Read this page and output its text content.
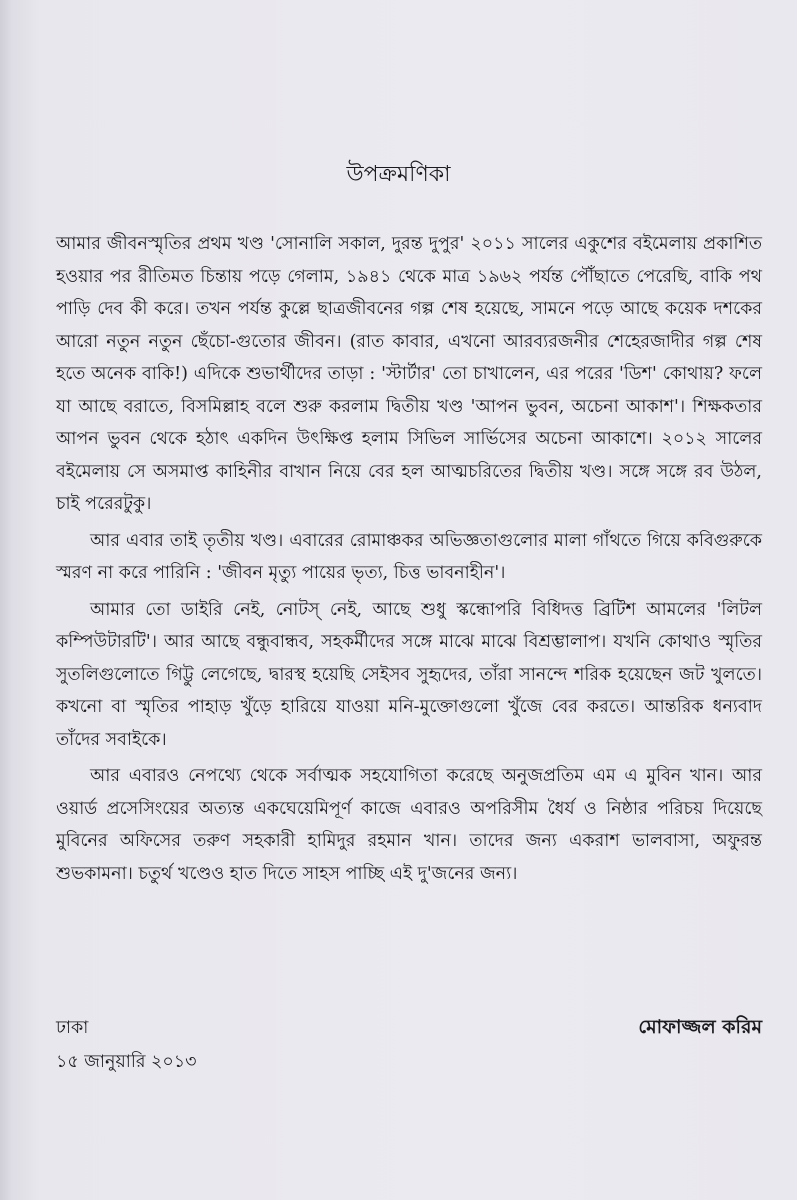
উপক্রমণিকা

আমার জীবনস্মৃতির প্রথম খণ্ড 'সোনালি সকাল, দুরন্ত দুপুর' ২০১১ সালের একুশের বইমেলায় প্রকাশিত হওয়ার পর রীতিমত চিন্তায় পড়ে গেলাম, ১৯৪১ থেকে মাত্র ১৯৬২ পর্যন্ত পৌঁছাতে পেরেছি, বাকি পথ পাড়ি দেব কী করে। তখন পর্যন্ত কুল্লে ছাত্রজীবনের গল্প শেষ হয়েছে, সামনে পড়ে আছে কয়েক দশকের আরো নতুন নতুন ছেঁচো-গুতোর জীবন। (রাত কাবার, এখনো আরব্যরজনীর শেহেরজাদীর গল্প শেষ হতে অনেক বাকি!) এদিকে শুভার্থীদের তাড়া : 'স্টার্টার' তো চাখালেন, এর পরের 'ডিশ' কোথায়? ফলে যা আছে বরাতে, বিসমিল্লাহ বলে শুরু করলাম দ্বিতীয় খণ্ড 'আপন ভুবন, অচেনা আকাশ'। শিক্ষকতার আপন ভুবন থেকে হঠাৎ একদিন উৎক্ষিপ্ত হলাম সিভিল সার্ভিসের অচেনা আকাশে। ২০১২ সালের বইমেলায় সে অসমাপ্ত কাহিনীর বাখান নিয়ে বের হল আত্মচরিতের দ্বিতীয় খণ্ড। সঙ্গে সঙ্গে রব উঠল, চাই পরেরটুকু।

আর এবার তাই তৃতীয় খণ্ড। এবারের রোমাঞ্চকর অভিজ্ঞতাগুলোর মালা গাঁথতে গিয়ে কবিগুরুকে স্মরণ না করে পারিনি : 'জীবন মৃত্যু পায়ের ভৃত্য, চিত্ত ভাবনাহীন'।

আমার তো ডাইরি নেই, নোটস্ নেই, আছে শুধু স্কন্ধোপরি বিধিদত্ত ব্রিটিশ আমলের 'লিটল কম্পিউটারটি'। আর আছে বন্ধুবান্ধব, সহকর্মীদের সঙ্গে মাঝে মাঝে বিশ্রম্ভালাপ। যখনি কোথাও স্মৃতির সুতলিগুলোতে গিট্টু লেগেছে, দ্বারস্থ হয়েছি সেইসব সুহৃদের, তাঁরা সানন্দে শরিক হয়েছেন জট খুলতে। কখনো বা স্মৃতির পাহাড় খুঁড়ে হারিয়ে যাওয়া মনি-মুক্তোগুলো খুঁজে বের করতে। আন্তরিক ধন্যবাদ তাঁদের সবাইকে।

আর এবারও নেপথ্যে থেকে সর্বাত্মক সহযোগিতা করেছে অনুজপ্রতিম এম এ মুবিন খান। আর ওয়ার্ড প্রসেসিংয়ের অত্যন্ত একঘেয়েমিপূর্ণ কাজে এবারও অপরিসীম ধৈর্য ও নিষ্ঠার পরিচয় দিয়েছে মুবিনের অফিসের তরুণ সহকারী হামিদুর রহমান খান। তাদের জন্য একরাশ ভালবাসা, অফুরন্ত শুভকামনা। চতুর্থ খণ্ডেও হাত দিতে সাহস পাচ্ছি এই দু'জনের জন্য।

ঢাকা	মোফাজ্জল করিম
১৫ জানুয়ারি ২০১৩
